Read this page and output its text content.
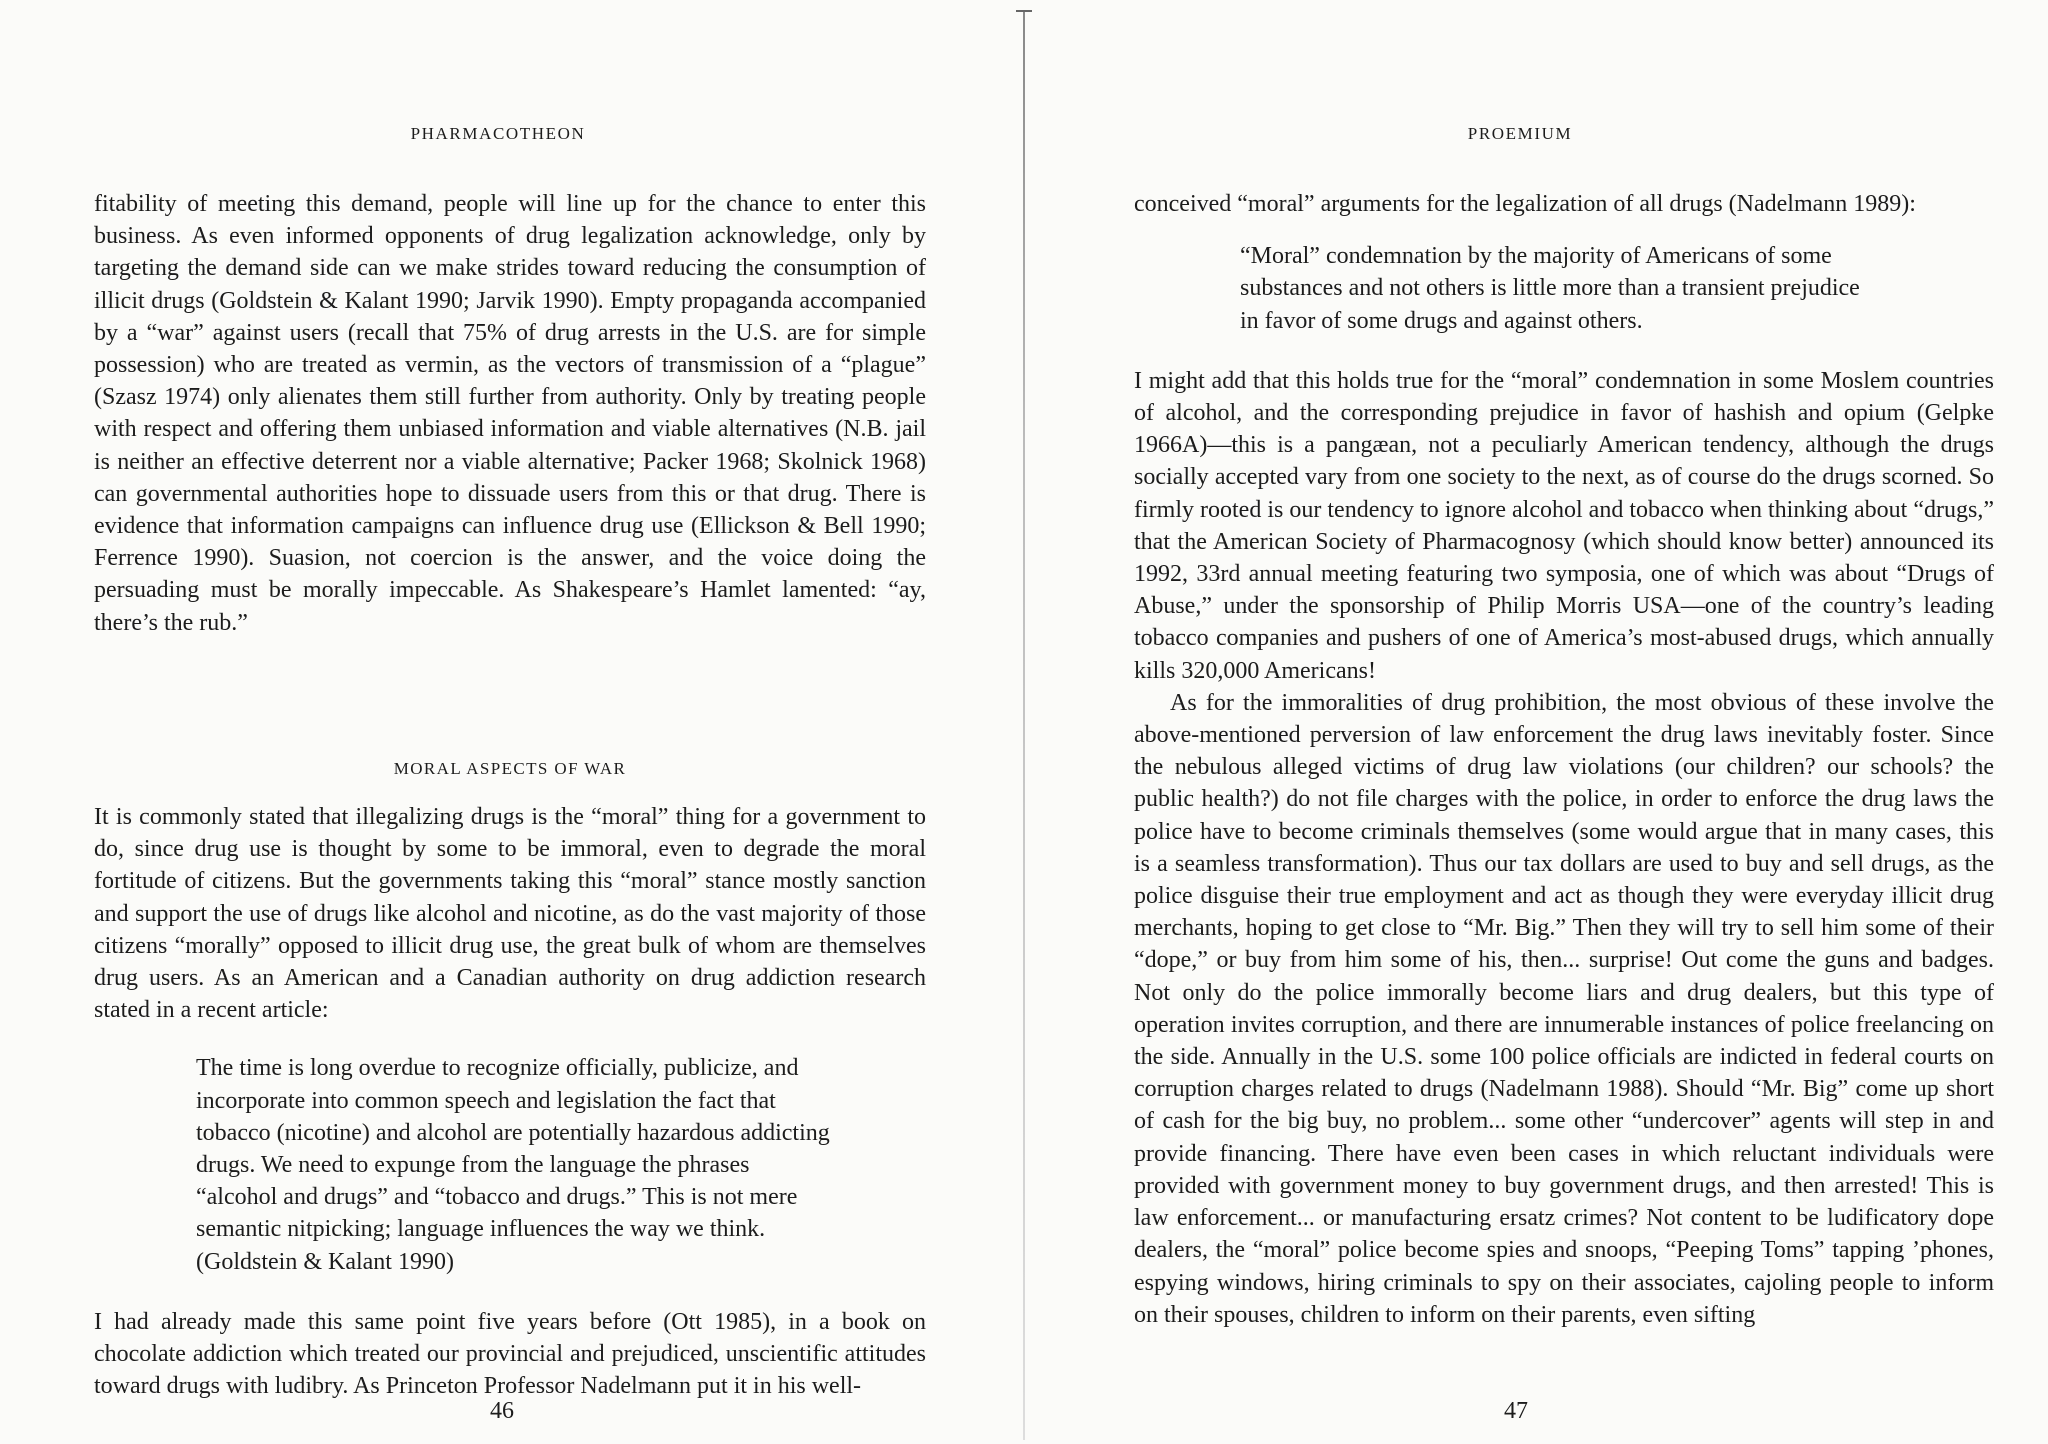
PHARMACOTHEON

fitability of meeting this demand, people will line up for the chance to enter this business. As even informed opponents of drug legalization acknowledge, only by targeting the demand side can we make strides toward reducing the consumption of illicit drugs (Goldstein & Kalant 1990; Jarvik 1990). Empty propaganda accompanied by a “war” against users (recall that 75% of drug arrests in the U.S. are for simple possession) who are treated as vermin, as the vectors of transmission of a “plague” (Szasz 1974) only alienates them still further from authority. Only by treating people with respect and offering them unbiased information and viable alternatives (N.B. jail is neither an effective deterrent nor a viable alternative; Packer 1968; Skolnick 1968) can governmental authorities hope to dissuade users from this or that drug. There is evidence that information campaigns can influence drug use (Ellickson & Bell 1990; Ferrence 1990). Suasion, not coercion is the answer, and the voice doing the persuading must be morally impeccable. As Shakespeare’s Hamlet lamented: “ay, there’s the rub.”

MORAL ASPECTS OF WAR

It is commonly stated that illegalizing drugs is the “moral” thing for a government to do, since drug use is thought by some to be immoral, even to degrade the moral fortitude of citizens. But the governments taking this “moral” stance mostly sanction and support the use of drugs like alcohol and nicotine, as do the vast majority of those citizens “morally” opposed to illicit drug use, the great bulk of whom are themselves drug users. As an American and a Canadian authority on drug addiction research stated in a recent article:

The time is long overdue to recognize officially, publicize, and incorporate into common speech and legislation the fact that tobacco (nicotine) and alcohol are potentially hazardous addicting drugs. We need to expunge from the language the phrases “alcohol and drugs” and “tobacco and drugs.” This is not mere semantic nitpicking; language influences the way we think. (Goldstein & Kalant 1990)

I had already made this same point five years before (Ott 1985), in a book on chocolate addiction which treated our provincial and prejudiced, unscientific attitudes toward drugs with ludibry. As Princeton Professor Nadelmann put it in his well-

46
PROEMIUM

conceived “moral” arguments for the legalization of all drugs (Nadelmann 1989):

“Moral” condemnation by the majority of Americans of some substances and not others is little more than a transient prejudice in favor of some drugs and against others.

I might add that this holds true for the “moral” condemnation in some Moslem countries of alcohol, and the corresponding prejudice in favor of hashish and opium (Gelpke 1966A)—this is a pangæan, not a peculiarly American tendency, although the drugs socially accepted vary from one society to the next, as of course do the drugs scorned. So firmly rooted is our tendency to ignore alcohol and tobacco when thinking about “drugs,” that the American Society of Pharmacognosy (which should know better) announced its 1992, 33rd annual meeting featuring two symposia, one of which was about “Drugs of Abuse,” under the sponsorship of Philip Morris USA—one of the country’s leading tobacco companies and pushers of one of America’s most-abused drugs, which annually kills 320,000 Americans!

As for the immoralities of drug prohibition, the most obvious of these involve the above-mentioned perversion of law enforcement the drug laws inevitably foster. Since the nebulous alleged victims of drug law violations (our children? our schools? the public health?) do not file charges with the police, in order to enforce the drug laws the police have to become criminals themselves (some would argue that in many cases, this is a seamless transformation). Thus our tax dollars are used to buy and sell drugs, as the police disguise their true employment and act as though they were everyday illicit drug merchants, hoping to get close to “Mr. Big.” Then they will try to sell him some of their “dope,” or buy from him some of his, then... surprise! Out come the guns and badges. Not only do the police immorally become liars and drug dealers, but this type of operation invites corruption, and there are innumerable instances of police freelancing on the side. Annually in the U.S. some 100 police officials are indicted in federal courts on corruption charges related to drugs (Nadelmann 1988). Should “Mr. Big” come up short of cash for the big buy, no problem... some other “undercover” agents will step in and provide financing. There have even been cases in which reluctant individuals were provided with government money to buy government drugs, and then arrested! This is law enforcement... or manufacturing ersatz crimes? Not content to be ludificatory dope dealers, the “moral” police become spies and snoops, “Peeping Toms” tapping ’phones, espying windows, hiring criminals to spy on their associates, cajoling people to inform on their spouses, children to inform on their parents, even sifting

47
